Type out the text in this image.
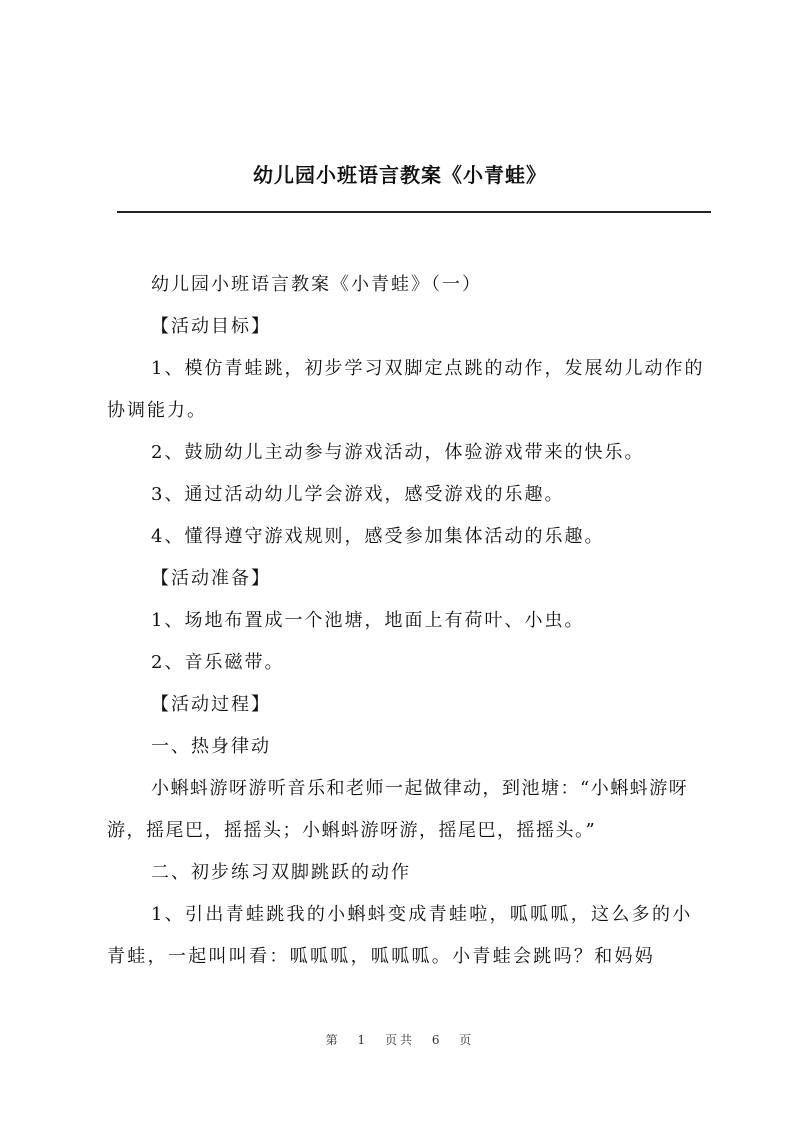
幼儿园小班语言教案《小青蛙》

幼儿园小班语言教案《小青蛙》（一）

【活动目标】

1、模仿青蛙跳，初步学习双脚定点跳的动作，发展幼儿动作的协调能力。

2、鼓励幼儿主动参与游戏活动，体验游戏带来的快乐。

3、通过活动幼儿学会游戏，感受游戏的乐趣。

4、懂得遵守游戏规则，感受参加集体活动的乐趣。

【活动准备】

1、场地布置成一个池塘，地面上有荷叶、小虫。

2、音乐磁带。

【活动过程】

一、热身律动

小蝌蚪游呀游听音乐和老师一起做律动，到池塘：“小蝌蚪游呀游，摇尾巴，摇摇头；小蝌蚪游呀游，摇尾巴，摇摇头。”

二、初步练习双脚跳跃的动作

1、引出青蛙跳我的小蝌蚪变成青蛙啦，呱呱呱，这么多的小青蛙，一起叫叫看：呱呱呱，呱呱呱。小青蛙会跳吗？和妈妈

第 1 页共 6 页
